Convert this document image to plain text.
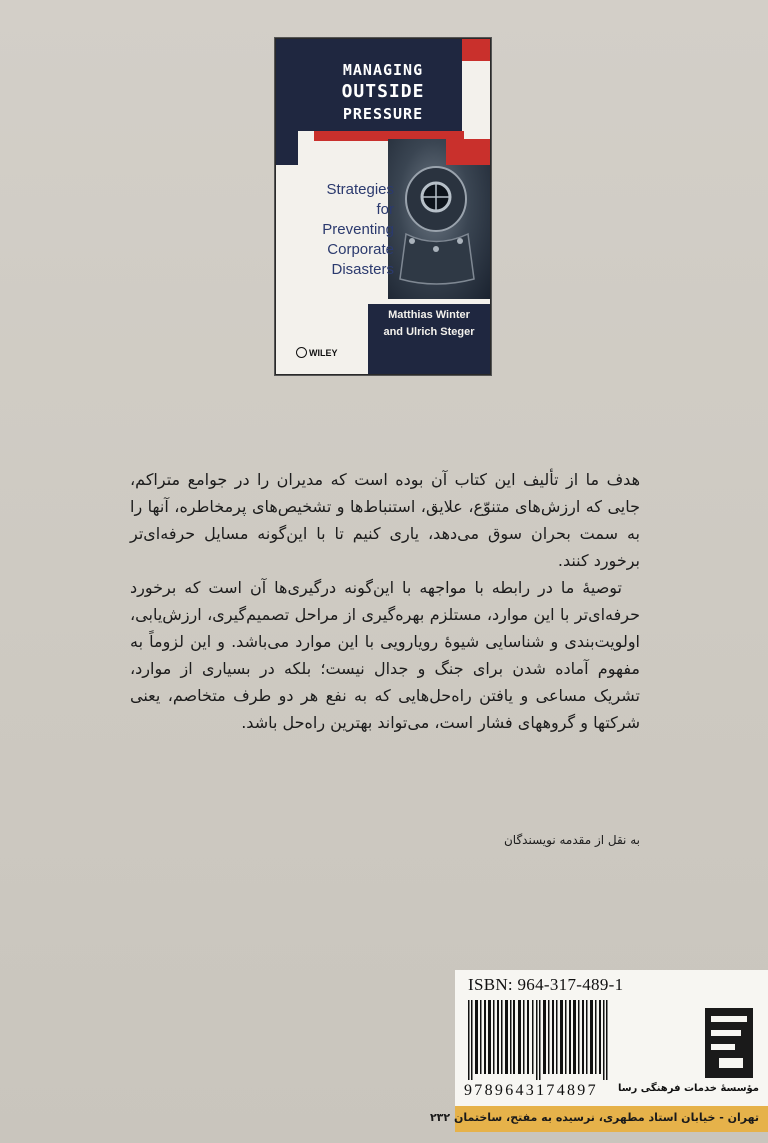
MANAGING
OUTSIDE
PRESSURE
Strategies
for
Preventing
Corporate
Disasters
Matthias Winter
and Ulrich Steger
WILEY

هدف ما از تألیف این کتاب آن بوده است که مدیران را در جوامع متراکم، جایی که ارزش‌های متنوّع، علایق، استنباط‌ها و تشخیص‌های پرمخاطره، آنها را به سمت بحران سوق می‌دهد، یاری کنیم تا با این‌گونه مسایل حرفه‌ای‌تر برخورد کنند.

توصیهٔ ما در رابطه با مواجهه با این‌گونه درگیری‌ها آن است که برخورد حرفه‌ای‌تر با این موارد، مستلزم بهره‌گیری از مراحل تصمیم‌گیری، ارزش‌یابی، اولویت‌بندی و شناسایی شیوهٔ رویارویی با این موارد می‌باشد. و این لزوماً به مفهوم آماده شدن برای جنگ و جدال نیست؛ بلکه در بسیاری از موارد، تشریک مساعی و یافتن راه‌حل‌هایی که به نفع هر دو طرف متخاصم، یعنی شرکتها و گروههای فشار است، می‌تواند بهترین راه‌حل باشد.

به نقل از مقدمه نویسندگان
ISBN: 964-317-489-1
9789643174897 مؤسسهٔ خدمات فرهنگی رسا
تهران - خیابان استاد مطهری، نرسیده به مفتح، ساختمان ۲۳۲
